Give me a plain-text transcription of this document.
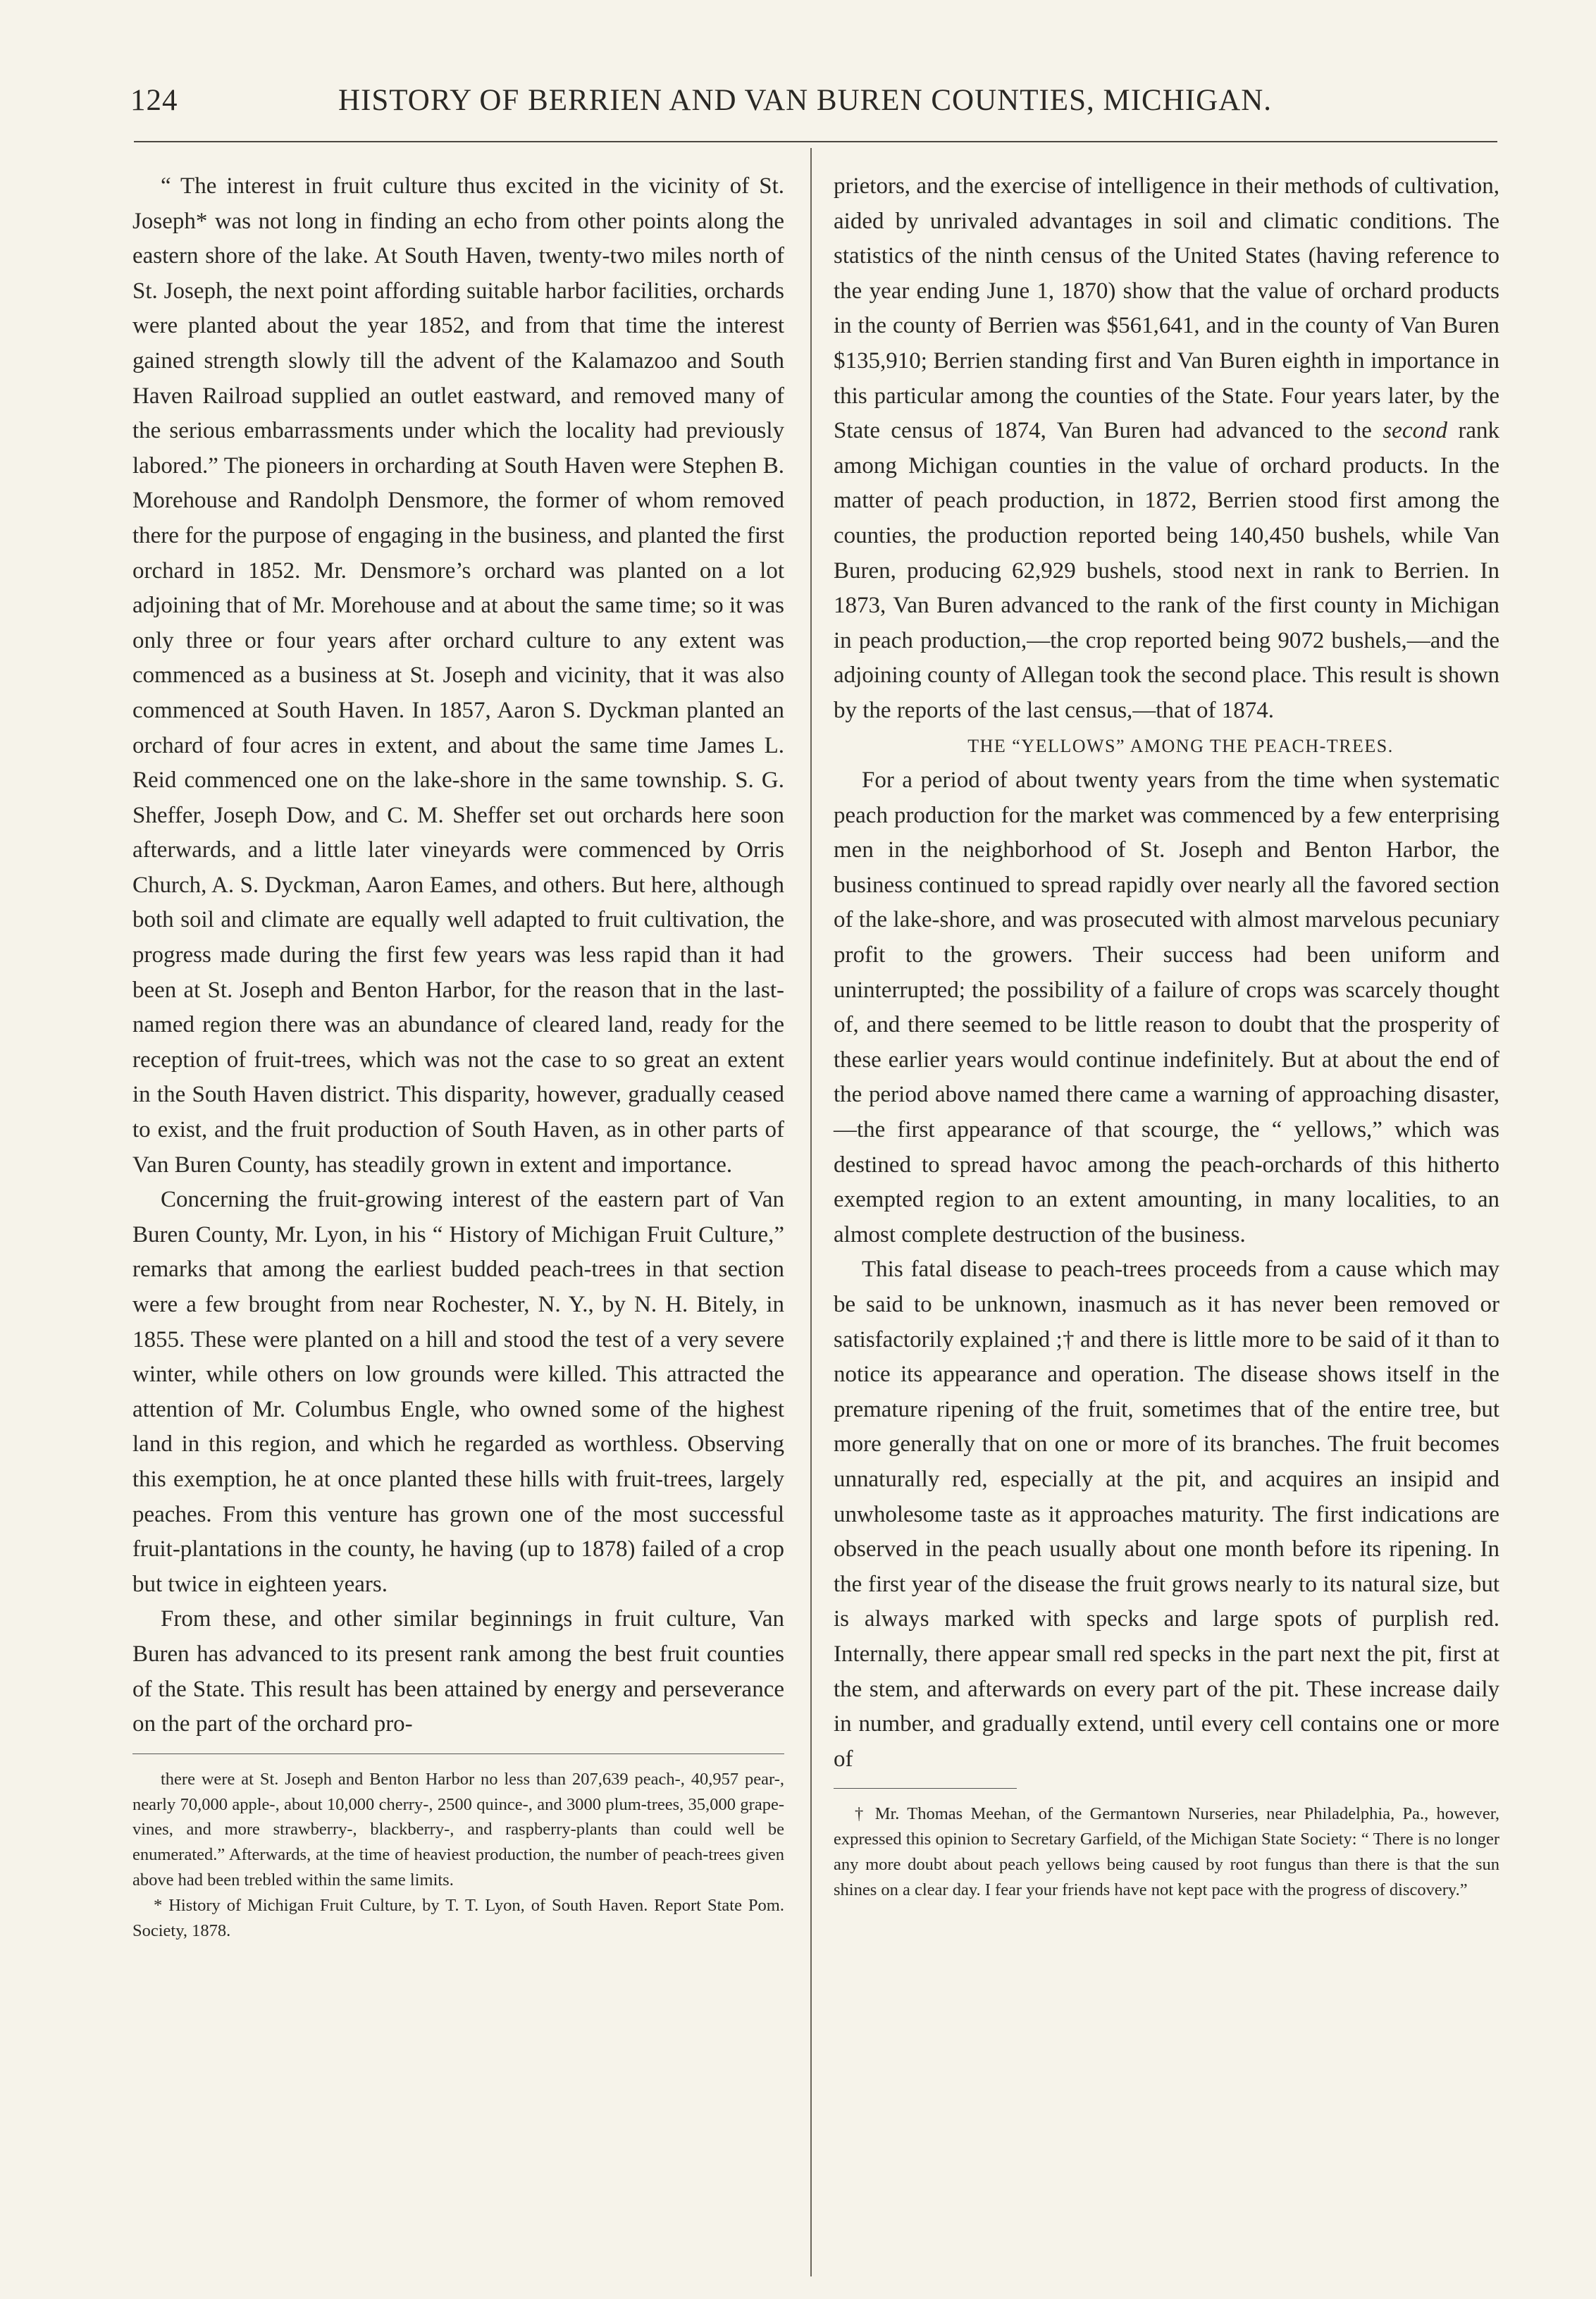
124	HISTORY OF BERRIEN AND VAN BUREN COUNTIES, MICHIGAN.

“ The interest in fruit culture thus excited in the vicinity of St. Joseph* was not long in finding an echo from other points along the eastern shore of the lake. At South Haven, twenty-two miles north of St. Joseph, the next point affording suitable harbor facilities, orchards were planted about the year 1852, and from that time the interest gained strength slowly till the advent of the Kalamazoo and South Haven Railroad supplied an outlet eastward, and removed many of the serious embarrassments under which the locality had previously labored.” The pioneers in orcharding at South Haven were Stephen B. Morehouse and Randolph Densmore, the former of whom removed there for the purpose of engaging in the business, and planted the first orchard in 1852. Mr. Densmore’s orchard was planted on a lot adjoining that of Mr. Morehouse and at about the same time; so it was only three or four years after orchard culture to any extent was commenced as a business at St. Joseph and vicinity, that it was also commenced at South Haven. In 1857, Aaron S. Dyckman planted an orchard of four acres in extent, and about the same time James L. Reid commenced one on the lake-shore in the same township. S. G. Sheffer, Joseph Dow, and C. M. Sheffer set out orchards here soon afterwards, and a little later vineyards were commenced by Orris Church, A. S. Dyckman, Aaron Eames, and others. But here, although both soil and climate are equally well adapted to fruit cultivation, the progress made during the first few years was less rapid than it had been at St. Joseph and Benton Harbor, for the reason that in the last-named region there was an abundance of cleared land, ready for the reception of fruit-trees, which was not the case to so great an extent in the South Haven district. This disparity, however, gradually ceased to exist, and the fruit production of South Haven, as in other parts of Van Buren County, has steadily grown in extent and importance.

Concerning the fruit-growing interest of the eastern part of Van Buren County, Mr. Lyon, in his “ History of Michigan Fruit Culture,” remarks that among the earliest budded peach-trees in that section were a few brought from near Rochester, N. Y., by N. H. Bitely, in 1855. These were planted on a hill and stood the test of a very severe winter, while others on low grounds were killed. This attracted the attention of Mr. Columbus Engle, who owned some of the highest land in this region, and which he regarded as worthless. Observing this exemption, he at once planted these hills with fruit-trees, largely peaches. From this venture has grown one of the most successful fruit-plantations in the county, he having (up to 1878) failed of a crop but twice in eighteen years.

From these, and other similar beginnings in fruit culture, Van Buren has advanced to its present rank among the best fruit counties of the State. This result has been attained by energy and perseverance on the part of the orchard pro-

there were at St. Joseph and Benton Harbor no less than 207,639 peach-, 40,957 pear-, nearly 70,000 apple-, about 10,000 cherry-, 2500 quince-, and 3000 plum-trees, 35,000 grape-vines, and more strawberry-, blackberry-, and raspberry-plants than could well be enumerated.” Afterwards, at the time of heaviest production, the number of peach-trees given above had been trebled within the same limits.

* History of Michigan Fruit Culture, by T. T. Lyon, of South Haven. Report State Pom. Society, 1878.

prietors, and the exercise of intelligence in their methods of cultivation, aided by unrivaled advantages in soil and climatic conditions. The statistics of the ninth census of the United States (having reference to the year ending June 1, 1870) show that the value of orchard products in the county of Berrien was $561,641, and in the county of Van Buren $135,910; Berrien standing first and Van Buren eighth in importance in this particular among the counties of the State. Four years later, by the State census of 1874, Van Buren had advanced to the second rank among Michigan counties in the value of orchard products. In the matter of peach production, in 1872, Berrien stood first among the counties, the production reported being 140,450 bushels, while Van Buren, producing 62,929 bushels, stood next in rank to Berrien. In 1873, Van Buren advanced to the rank of the first county in Michigan in peach production,—the crop reported being 9072 bushels,—and the adjoining county of Allegan took the second place. This result is shown by the reports of the last census,—that of 1874.

THE “YELLOWS” AMONG THE PEACH-TREES.

For a period of about twenty years from the time when systematic peach production for the market was commenced by a few enterprising men in the neighborhood of St. Joseph and Benton Harbor, the business continued to spread rapidly over nearly all the favored section of the lake-shore, and was prosecuted with almost marvelous pecuniary profit to the growers. Their success had been uniform and uninterrupted; the possibility of a failure of crops was scarcely thought of, and there seemed to be little reason to doubt that the prosperity of these earlier years would continue indefinitely. But at about the end of the period above named there came a warning of approaching disaster,—the first appearance of that scourge, the “ yellows,” which was destined to spread havoc among the peach-orchards of this hitherto exempted region to an extent amounting, in many localities, to an almost complete destruction of the business.

This fatal disease to peach-trees proceeds from a cause which may be said to be unknown, inasmuch as it has never been removed or satisfactorily explained ;† and there is little more to be said of it than to notice its appearance and operation. The disease shows itself in the premature ripening of the fruit, sometimes that of the entire tree, but more generally that on one or more of its branches. The fruit becomes unnaturally red, especially at the pit, and acquires an insipid and unwholesome taste as it approaches maturity. The first indications are observed in the peach usually about one month before its ripening. In the first year of the disease the fruit grows nearly to its natural size, but is always marked with specks and large spots of purplish red. Internally, there appear small red specks in the part next the pit, first at the stem, and afterwards on every part of the pit. These increase daily in number, and gradually extend, until every cell contains one or more of

† Mr. Thomas Meehan, of the Germantown Nurseries, near Philadelphia, Pa., however, expressed this opinion to Secretary Garfield, of the Michigan State Society: “ There is no longer any more doubt about peach yellows being caused by root fungus than there is that the sun shines on a clear day. I fear your friends have not kept pace with the progress of discovery.”
